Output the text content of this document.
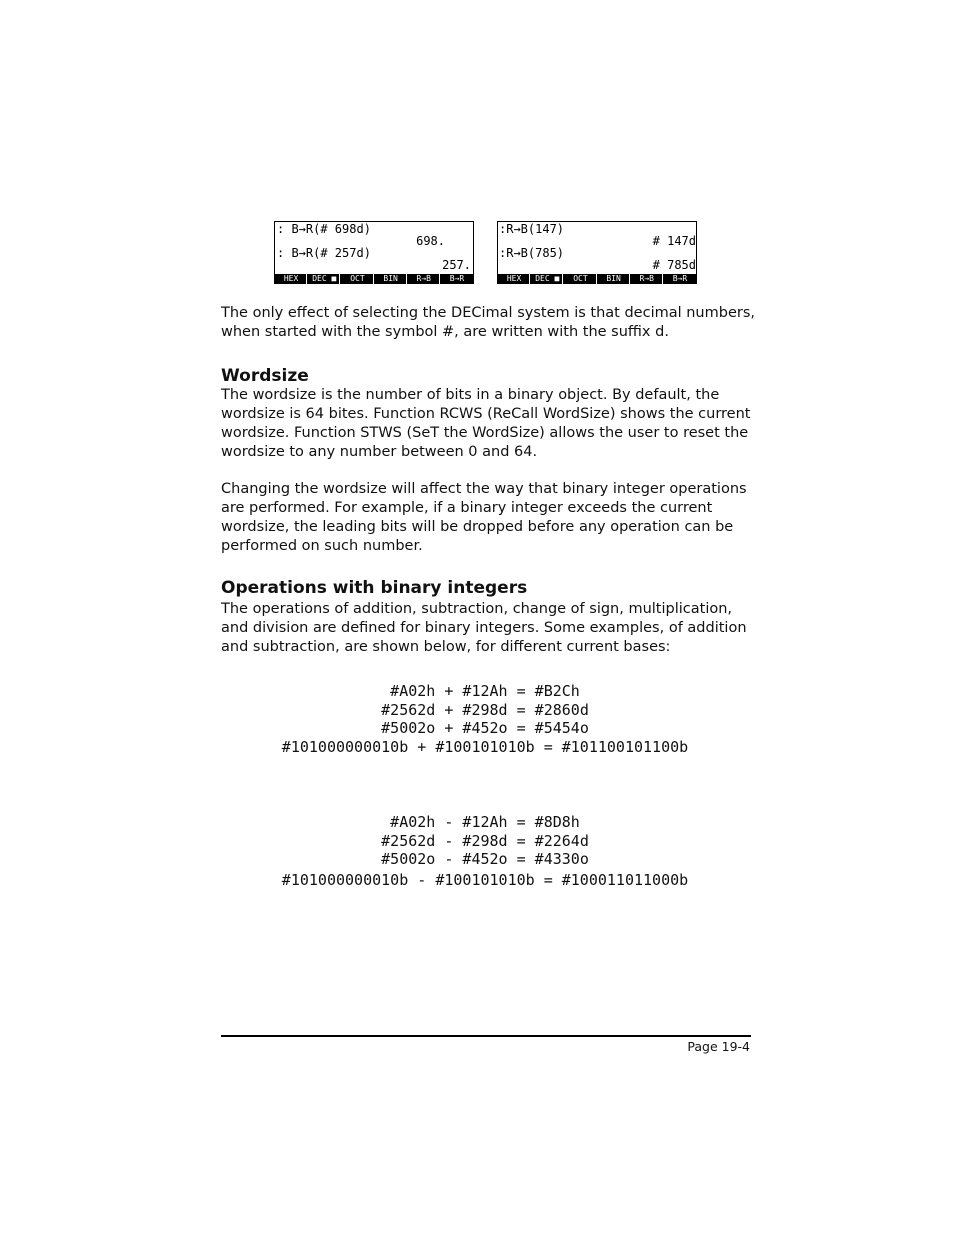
: B→R(# 698d)
698.
: B→R(# 257d)
257.
HEX	DEC ■	OCT	BIN	R→B	B→R
:R→B(147)
# 147d
:R→B(785)
# 785d
HEX	DEC ■	OCT	BIN	R→B	B→R
The only effect of selecting the DECimal system is that decimal numbers, when started with the symbol #, are written with the suffix d.
Wordsize
The wordsize is the number of bits in a binary object. By default, the wordsize is 64 bites. Function RCWS (ReCall WordSize) shows the current wordsize. Function STWS (SeT the WordSize) allows the user to reset the wordsize to any number between 0 and 64.
Changing the wordsize will affect the way that binary integer operations are performed. For example, if a binary integer exceeds the current wordsize, the leading bits will be dropped before any operation can be performed on such number.
Operations with binary integers
The operations of addition, subtraction, change of sign, multiplication, and division are defined for binary integers. Some examples, of addition and subtraction, are shown below, for different current bases:
#A02h + #12Ah = #B2Ch
#2562d + #298d = #2860d
#5002o + #452o = #5454o
#101000000010b + #100101010b = #101100101100b
#A02h - #12Ah = #8D8h
#2562d - #298d = #2264d
#5002o - #452o = #4330o
#101000000010b - #100101010b = #100011011000b
Page 19-4
